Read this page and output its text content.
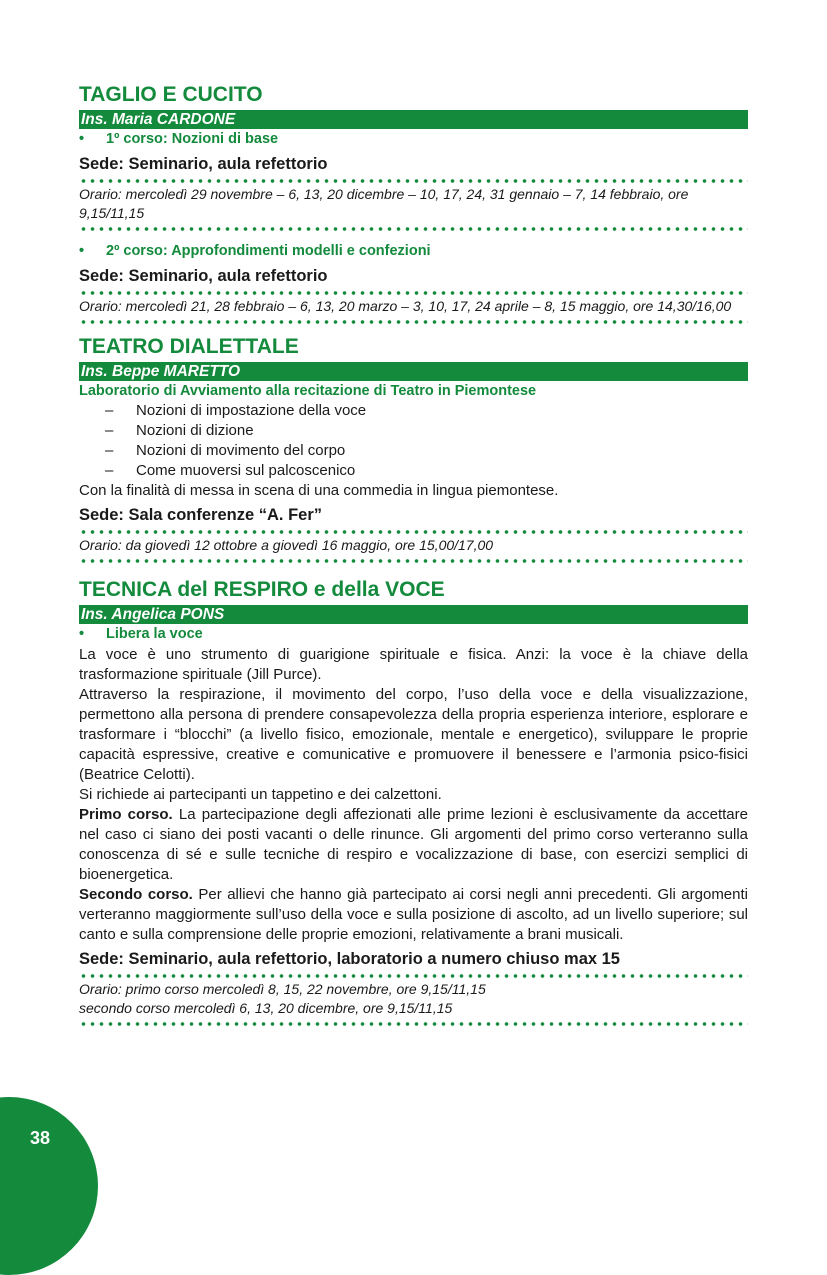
TAGLIO E CUCITO
Ins. Maria CARDONE
• 1º corso: Nozioni di base
Sede: Seminario, aula refettorio
Orario: mercoledì 29 novembre – 6, 13, 20 dicembre – 10, 17, 24, 31 gennaio – 7, 14 febbraio, ore 9,15/11,15
• 2º corso: Approfondimenti modelli e confezioni
Sede: Seminario, aula refettorio
Orario: mercoledì 21, 28 febbraio – 6, 13, 20 marzo – 3, 10, 17, 24 aprile – 8, 15 maggio, ore 14,30/16,00
TEATRO DIALETTALE
Ins. Beppe MARETTO
Laboratorio di Avviamento alla recitazione di Teatro in Piemontese
–	Nozioni di impostazione della voce
–	Nozioni di dizione
–	Nozioni di movimento del corpo
–	Come muoversi sul palcoscenico

Con la finalità di messa in scena di una commedia in lingua piemontese.

Sede: Sala conferenze “A. Fer”
Orario: da giovedì 12 ottobre a giovedì 16 maggio, ore 15,00/17,00
TECNICA del RESPIRO e della VOCE
Ins. Angelica PONS
• Libera la voce

La voce è uno strumento di guarigione spirituale e fisica. Anzi: la voce è la chiave della trasformazione spirituale (Jill Purce).

Attraverso la respirazione, il movimento del corpo, l’uso della voce e della visualizzazione, permettono alla persona di prendere consapevolezza della propria esperienza interiore, esplorare e trasformare i “blocchi” (a livello fisico, emozionale, mentale e energetico), sviluppare le proprie capacità espressive, creative e comunicative e promuovere il benessere e l’armonia psico-fisici (Beatrice Celotti).

Si richiede ai partecipanti un tappetino e dei calzettoni.

Primo corso. La partecipazione degli affezionati alle prime lezioni è esclusivamente da accettare nel caso ci siano dei posti vacanti o delle rinunce. Gli argomenti del primo corso verteranno sulla conoscenza di sé e sulle tecniche di respiro e vocalizzazione di base, con esercizi semplici di bioenergetica.

Secondo corso. Per allievi che hanno già partecipato ai corsi negli anni precedenti. Gli argomenti verteranno maggiormente sull’uso della voce e sulla posizione di ascolto, ad un livello superiore; sul canto e sulla comprensione delle proprie emozioni, relativamente a brani musicali.

Sede: Seminario, aula refettorio, laboratorio a numero chiuso max 15
Orario: primo corso mercoledì 8, 15, 22 novembre, ore 9,15/11,15
secondo corso mercoledì 6, 13, 20 dicembre, ore 9,15/11,15
38
